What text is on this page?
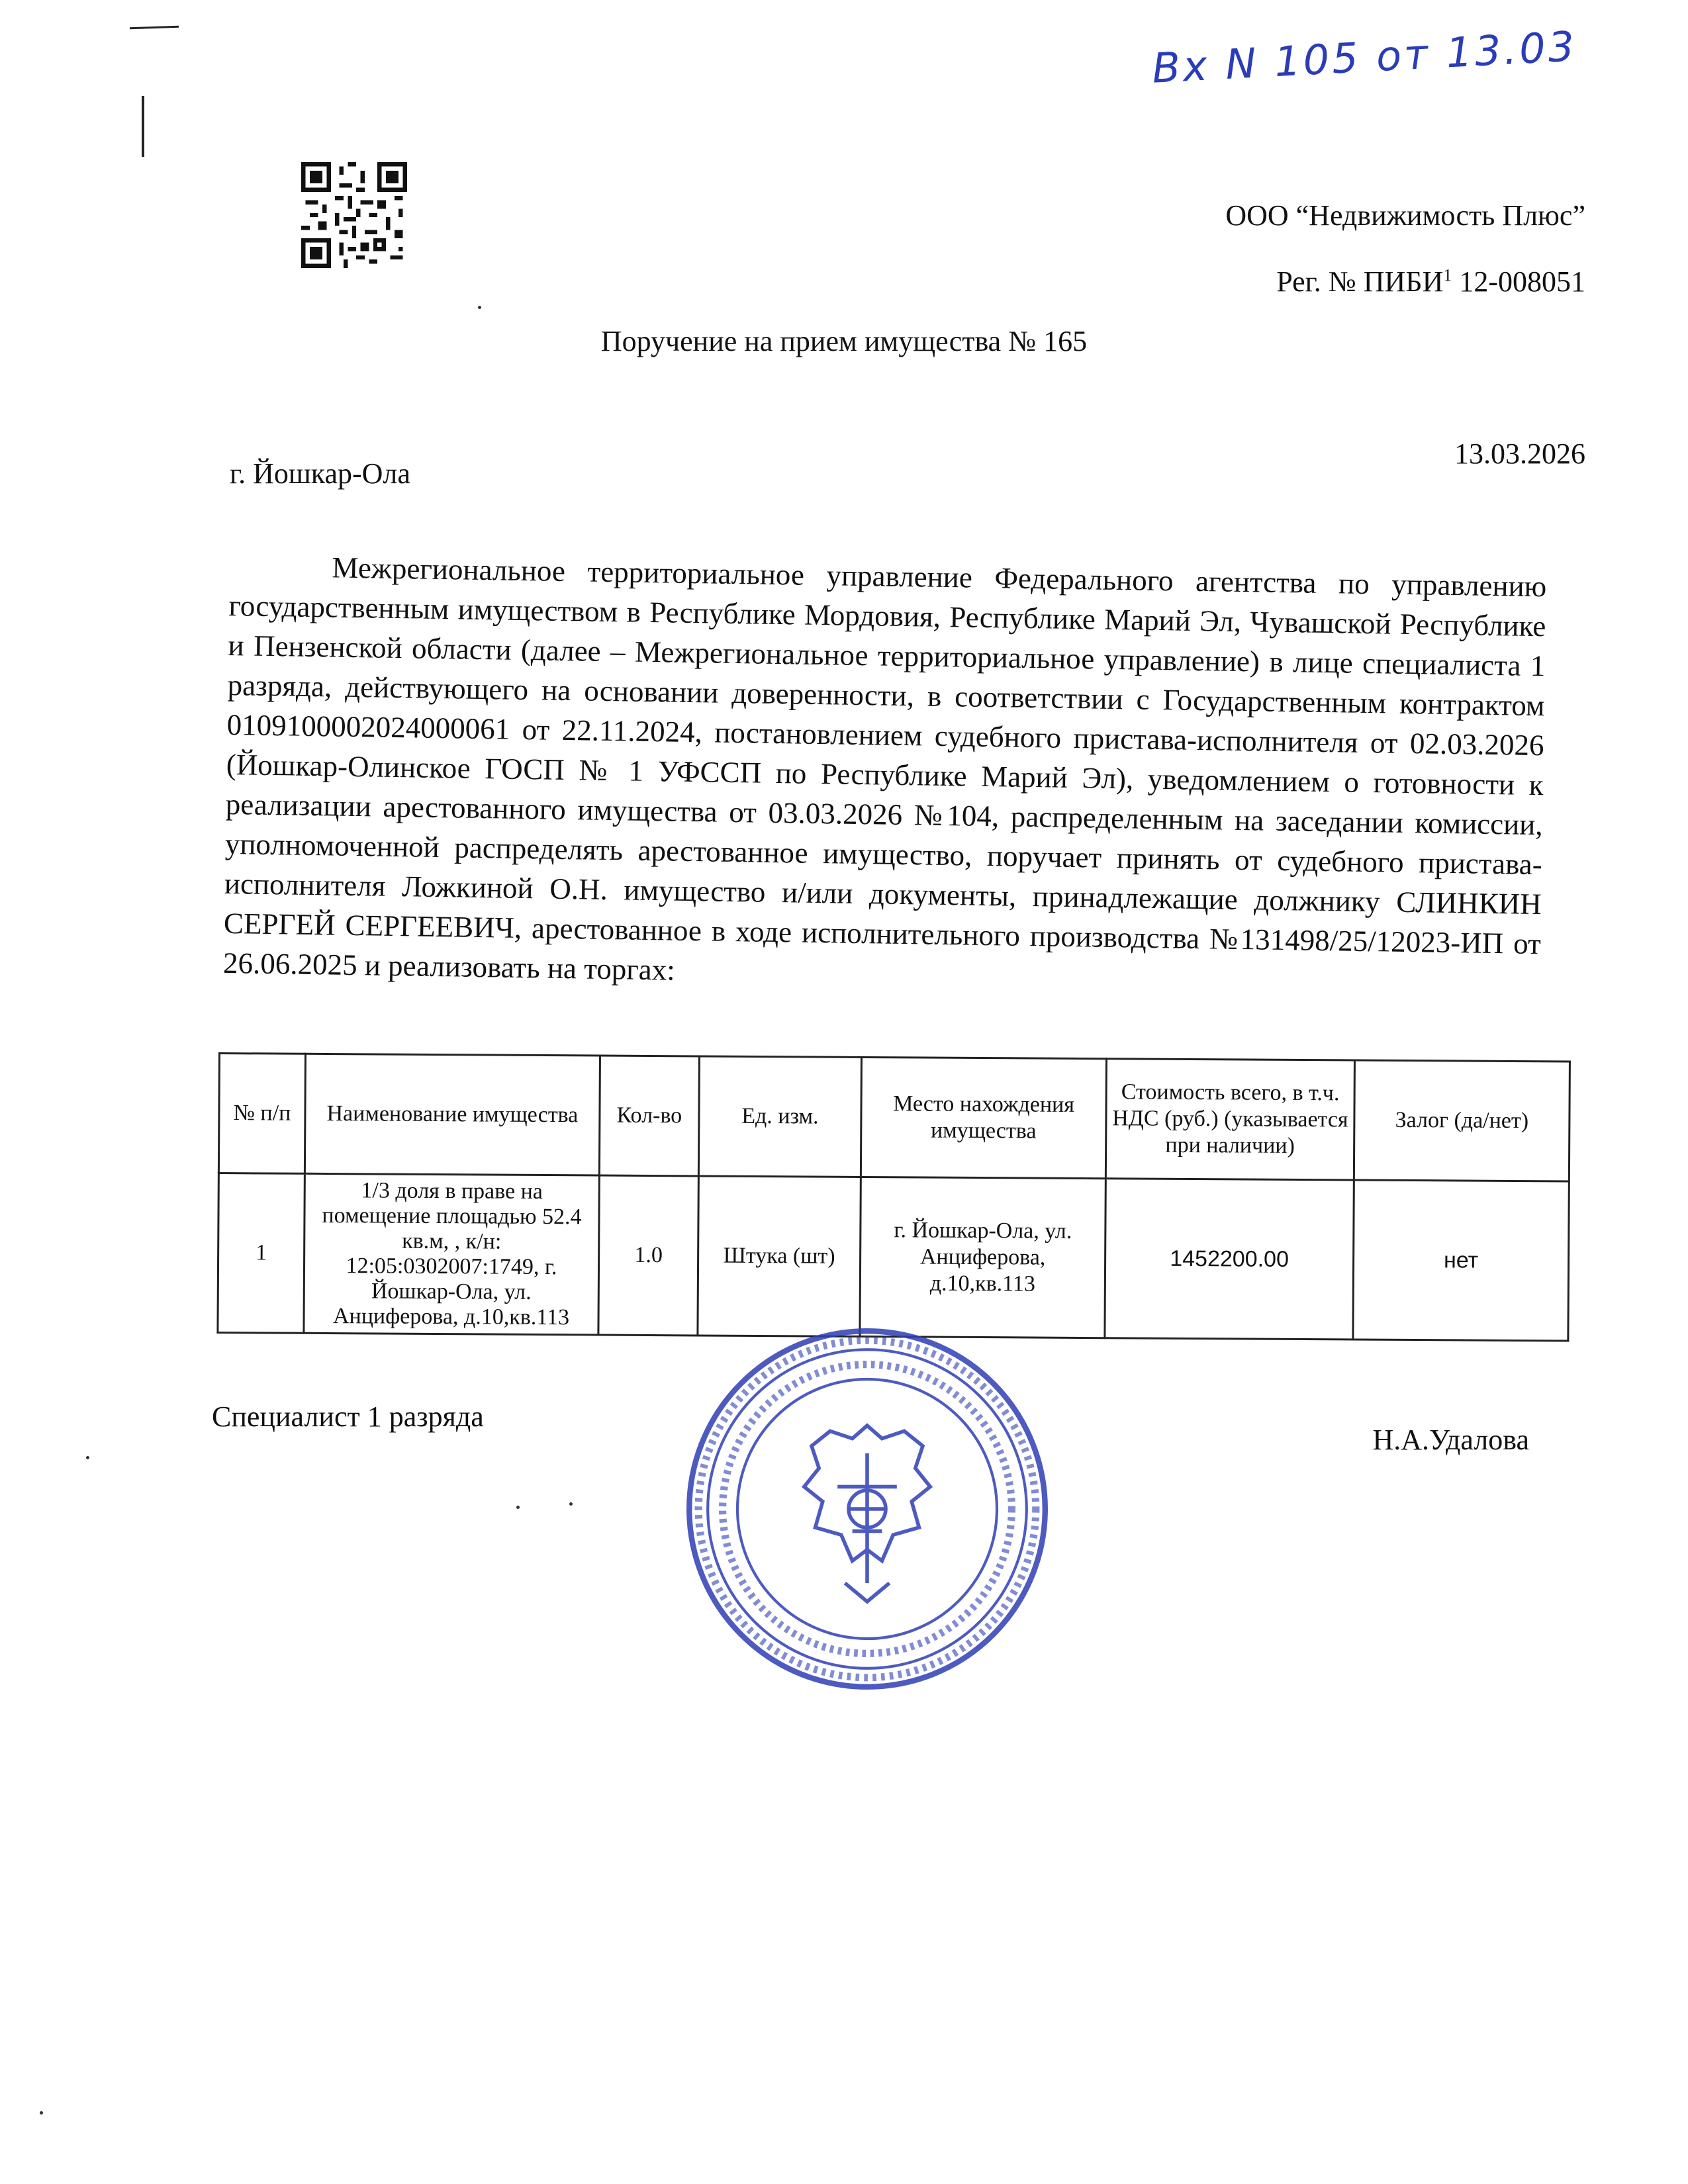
Вх N 105 от 13.03
ООО “Недвижимость Плюс”
Рег. № ПИБИ$^1$ 12-008051
Поручение на прием имущества № 165
г. Йошкар-Ола
13.03.2026
Межрегиональное территориальное управление Федерального агентства по управлению государственным имуществом в Республике Мордовия, Республике Марий Эл, Чувашской Республике и Пензенской области (далее – Межрегиональное территориальное управление) в лице специалиста 1 разряда, действующего на основании доверенности, в соответствии с Государственным контрактом 0109100002024000061 от 22.11.2024, постановлением судебного пристава-исполнителя от 02.03.2026 (Йошкар-Олинское ГОСП № 1 УФССП по Республике Марий Эл), уведомлением о готовности к реализации арестованного имущества от 03.03.2026 №104, распределенным на заседании комиссии, уполномоченной распределять арестованное имущество, поручает принять от судебного пристава-исполнителя Ложкиной О.Н. имущество и/или документы, принадлежащие должнику СЛИНКИН СЕРГЕЙ СЕРГЕЕВИЧ, арестованное в ходе исполнительного производства №131498/25/12023-ИП от 26.06.2025 и реализовать на торгах:
№ п/п	Наименование имущества	Кол-во	Ед. изм.	Место нахождения имущества	Стоимость всего, в т.ч. НДС (руб.) (указывается при наличии)	Залог (да/нет)
1	1/3 доля в праве на помещение площадью 52.4 кв.м, , к/н: 12:05:0302007:1749, г. Йошкар-Ола, ул. Анциферова, д.10,кв.113	1.0	Штука (шт)	г. Йошкар-Ола, ул. Анциферова, д.10,кв.113	1452200.00	нет
Специалист 1 разряда
Н.А.Удалова
